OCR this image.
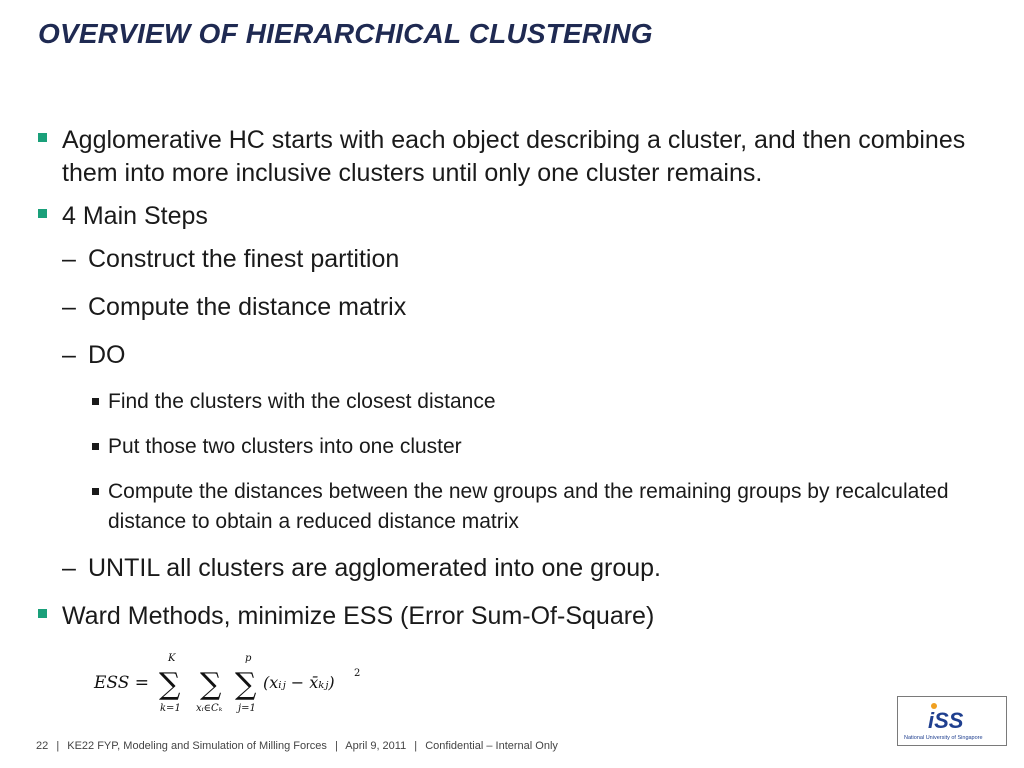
OVERVIEW OF HIERARCHICAL CLUSTERING
Agglomerative HC starts with each object describing a cluster, and then combines them into more inclusive clusters until only one cluster remains.
4 Main Steps
– Construct the finest partition
– Compute the distance matrix
– DO
Find the clusters with the closest distance
Put those two clusters into one cluster
Compute the distances between the new groups and the remaining groups by recalculated distance to obtain a reduced distance matrix
– UNTIL all clusters are agglomerated into one group.
Ward Methods, minimize ESS (Error Sum-Of-Square)
ESS =
K
∑
k=1
∑
xᵢ∈Cₖ
p
∑
j=1
(xᵢⱼ − x̄ₖⱼ) 2
iSS
National University of Singapore
22 | KE22 FYP, Modeling and Simulation of Milling Forces | April 9, 2011 | Confidential – Internal Only
